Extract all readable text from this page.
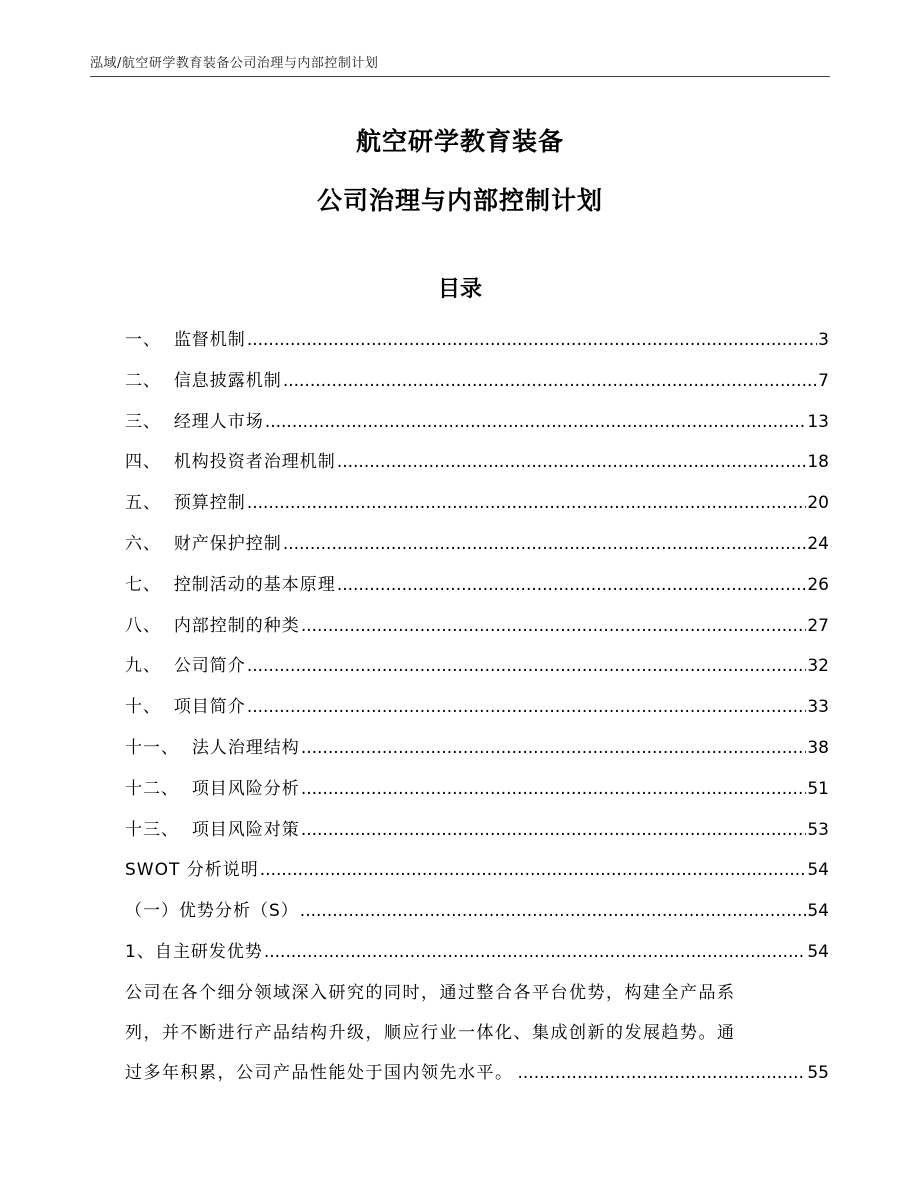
泓域/航空研学教育装备公司治理与内部控制计划
航空研学教育装备
公司治理与内部控制计划
目录
一、 监督机制 .....	3
二、 信息披露机制 .....	7
三、 经理人市场 .....	13
四、 机构投资者治理机制 .....	18
五、 预算控制 .....	20
六、 财产保护控制 .....	24
七、 控制活动的基本原理 .....	26
八、 内部控制的种类 .....	27
九、 公司简介 .....	32
十、 项目简介 .....	33
十一、 法人治理结构 .....	38
十二、 项目风险分析 .....	51
十三、 项目风险对策 .....	53
SWOT 分析说明 .....	54
（一）优势分析（S） .....	54
1、自主研发优势 .....	54
公司在各个细分领域深入研究的同时，通过整合各平台优势，构建全产品系
列，并不断进行产品结构升级，顺应行业一体化、集成创新的发展趋势。通
过多年积累，公司产品性能处于国内领先水平。 .....	55
